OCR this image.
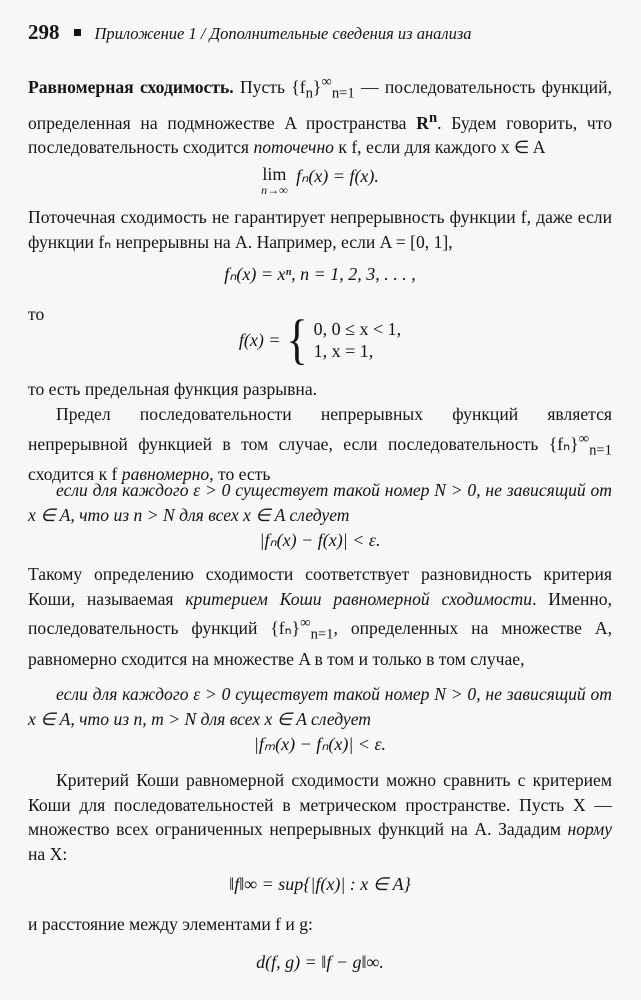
298 Приложение 1 / Дополнительные сведения из анализа
Равномерная сходимость. Пусть $\{f_n\}^\infty_{n=1}$ — последовательность функций, определенная на подмножестве A пространства $R^n$. Будем говорить, что последовательность сходится поточечно к f, если для каждого x ∈ A
lim
n→∞
fₙ(x) = f(x).
Поточечная сходимость не гарантирует непрерывность функции f, даже если функции fₙ непрерывны на A. Например, если A = [0, 1],
fₙ(x) = xⁿ, n = 1, 2, 3, . . . ,
то
f(x) = { 0, 0 ≤ x < 1,
1, x = 1,
то есть предельная функция разрывна.
Предел последовательности непрерывных функций является непрерывной функцией в том случае, если последовательность $\{f_n\}^\infty_{n=1}$ сходится к f равномерно, то есть
если для каждого ε > 0 существует такой номер N > 0, не зависящий от x ∈ A, что из n > N для всех x ∈ A следует
|fₙ(x) − f(x)| < ε.
Такому определению сходимости соответствует разновидность критерия Коши, называемая критерием Коши равномерной сходимости. Именно, последовательность функций $\{f_n\}^\infty_{n=1}$, определенных на множестве A, равномерно сходится на множестве A в том и только в том случае,
если для каждого ε > 0 существует такой номер N > 0, не зависящий от x ∈ A, что из n, m > N для всех x ∈ A следует
|fₘ(x) − fₙ(x)| < ε.
Критерий Коши равномерной сходимости можно сравнить с критерием Коши для последовательностей в метрическом пространстве. Пусть X — множество всех ограниченных непрерывных функций на A. Зададим норму на X:
‖f‖∞ = sup{|f(x)| : x ∈ A}
и расстояние между элементами f и g:
d(f, g) = ‖f − g‖∞.
